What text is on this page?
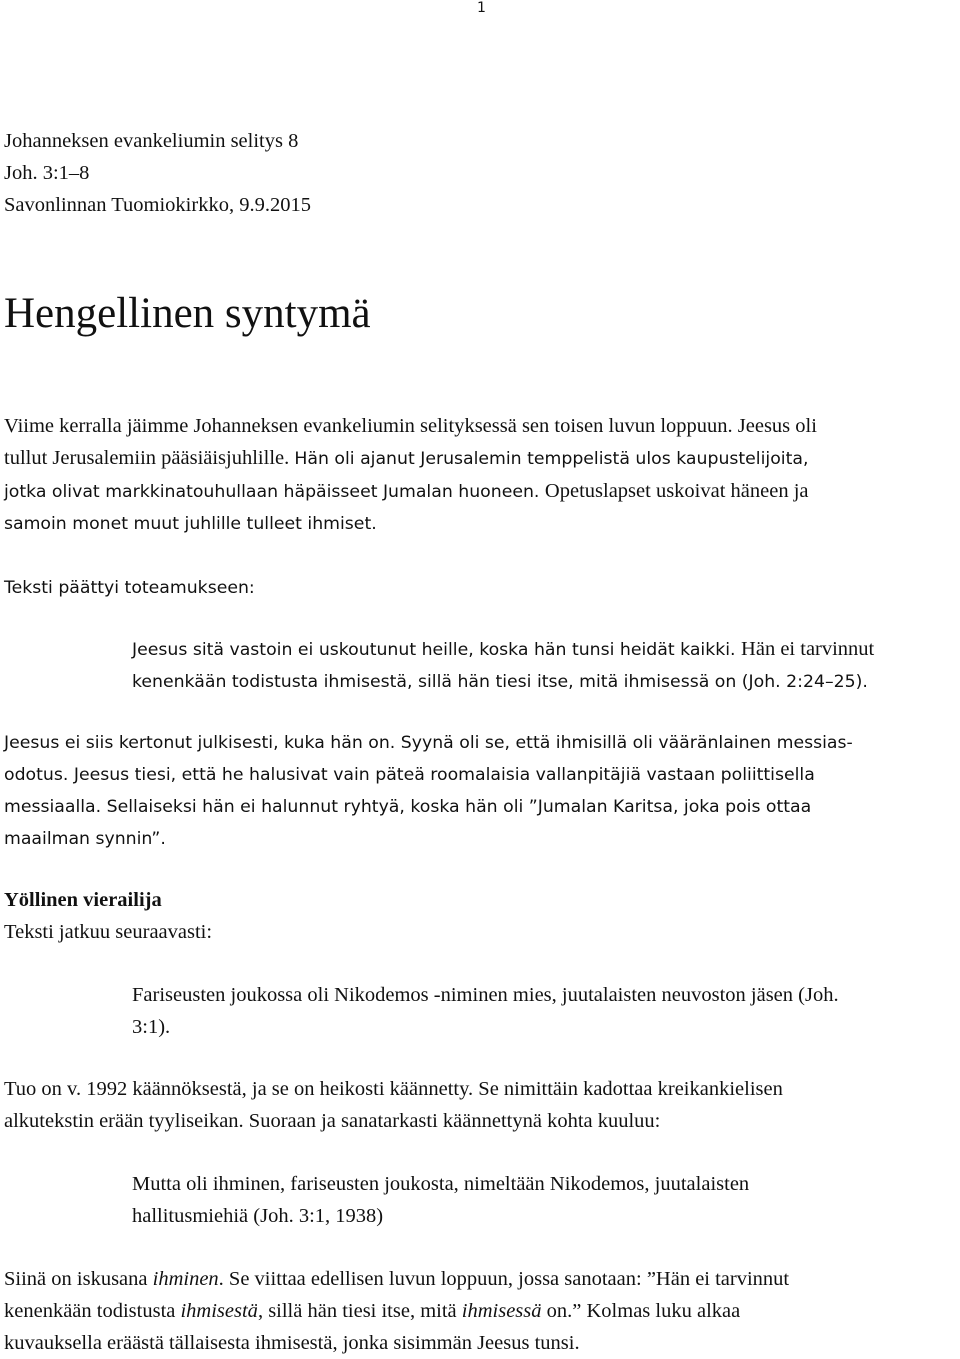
1
Johanneksen evankeliumin selitys 8
Joh. 3:1–8
Savonlinnan Tuomiokirkko, 9.9.2015
Hengellinen syntymä
Viime kerralla jäimme Johanneksen evankeliumin selityksessä sen toisen luvun loppuun. Jeesus oli
tullut Jerusalemiin pääsiäisjuhlille. Hän oli ajanut Jerusalemin temppelistä ulos kaupustelijoita,
jotka olivat markkinatouhullaan häpäisseet Jumalan huoneen. Opetuslapset uskoivat häneen ja
samoin monet muut juhlille tulleet ihmiset.
Teksti päättyi toteamukseen:
Jeesus sitä vastoin ei uskoutunut heille, koska hän tunsi heidät kaikki. Hän ei tarvinnut
kenenkään todistusta ihmisestä, sillä hän tiesi itse, mitä ihmisessä on (Joh. 2:24–25).
Jeesus ei siis kertonut julkisesti, kuka hän on. Syynä oli se, että ihmisillä oli vääränlainen messias-
odotus. Jeesus tiesi, että he halusivat vain päteä roomalaisia vallanpitäjiä vastaan poliittisella
messiaalla. Sellaiseksi hän ei halunnut ryhtyä, koska hän oli ”Jumalan Karitsa, joka pois ottaa
maailman synnin”.
Yöllinen vierailija
Teksti jatkuu seuraavasti:
Fariseusten joukossa oli Nikodemos -niminen mies, juutalaisten neuvoston jäsen (Joh.
3:1).
Tuo on v. 1992 käännöksestä, ja se on heikosti käännetty. Se nimittäin kadottaa kreikankielisen
alkutekstin erään tyyliseikan. Suoraan ja sanatarkasti käännettynä kohta kuuluu:
Mutta oli ihminen, fariseusten joukosta, nimeltään Nikodemos, juutalaisten
hallitusmiehiä (Joh. 3:1, 1938)
Siinä on iskusana ihminen. Se viittaa edellisen luvun loppuun, jossa sanotaan: ”Hän ei tarvinnut
kenenkään todistusta ihmisestä, sillä hän tiesi itse, mitä ihmisessä on.” Kolmas luku alkaa
kuvauksella eräästä tällaisesta ihmisestä, jonka sisimmän Jeesus tunsi.
